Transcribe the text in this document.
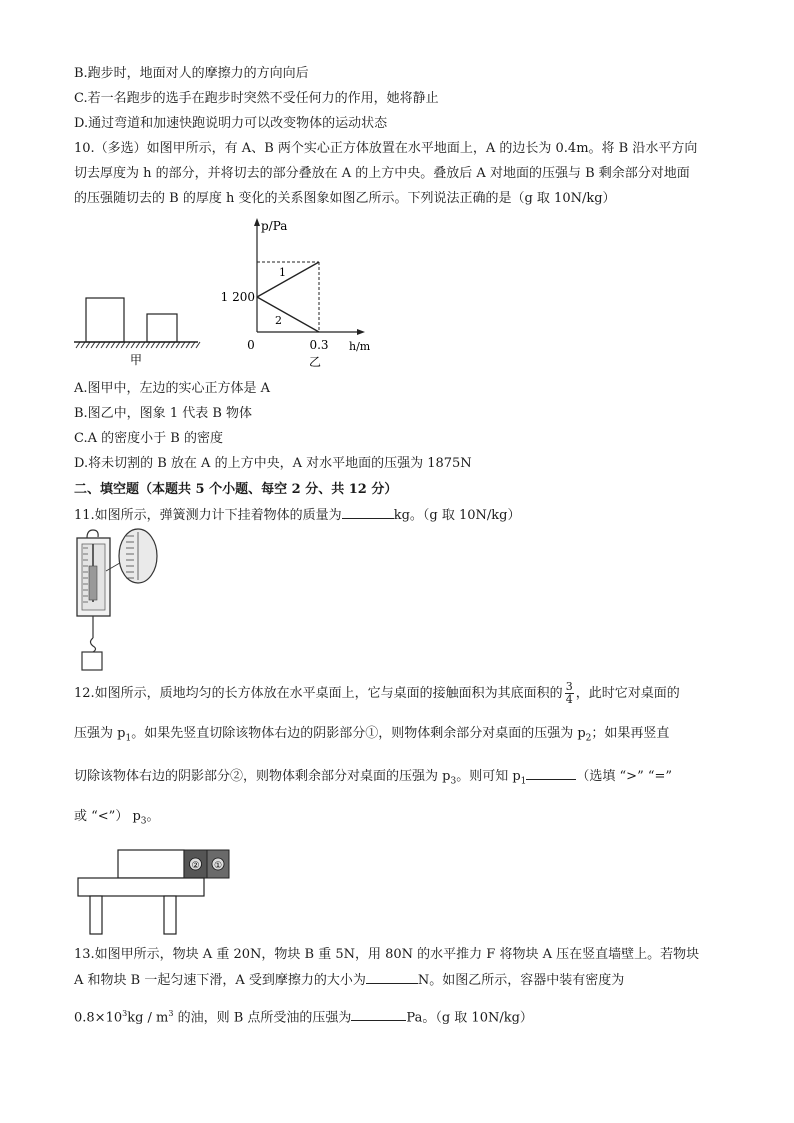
B.跑步时，地面对人的摩擦力的方向向后
C.若一名跑步的选手在跑步时突然不受任何力的作用，她将静止
D.通过弯道和加速快跑说明力可以改变物体的运动状态
10.（多选）如图甲所示，有 A、B 两个实心正方体放置在水平地面上，A 的边长为 0.4m。将 B 沿水平方向
切去厚度为 h 的部分，并将切去的部分叠放在 A 的上方中央。叠放后 A 对地面的压强与 B 剩余部分对地面
的压强随切去的 B 的厚度 h 变化的关系图象如图乙所示。下列说法正确的是（g 取 10N/kg）
甲
p/Pa
h/m
1 200
0.3
0
1
2
乙
A.图甲中，左边的实心正方体是 A
B.图乙中，图象 1 代表 B 物体
C.A 的密度小于 B 的密度
D.将未切割的 B 放在 A 的上方中央，A 对水平地面的压强为 1875N
二、填空题（本题共 5 个小题、每空 2 分、共 12 分）
11.如图所示，弹簧测力计下挂着物体的质量为	kg。（g 取 10N/kg）
12.如图所示，质地均匀的长方体放在水平桌面上，它与桌面的接触面积为其底面积的 $\frac{3}{4}$ ，此时它对桌面的
压强为 $p_1$。如果先竖直切除该物体右边的阴影部分①，则物体剩余部分对桌面的压强为 $p_2$；如果再竖直
切除该物体右边的阴影部分②，则物体剩余部分对桌面的压强为 $p_3$。则可知 $p_1$	（选填 “>” “=”
或 “<”） $p_3$。
② ①
13.如图甲所示，物块 A 重 20N，物块 B 重 5N，用 80N 的水平推力 F 将物块 A 压在竖直墙壁上。若物块
A 和物块 B 一起匀速下滑，A 受到摩擦力的大小为	N。如图乙所示，容器中装有密度为
$0.8\times 10^3kg / m^3$ 的油，则 B 点所受油的压强为	Pa。（g 取 10N/kg）
